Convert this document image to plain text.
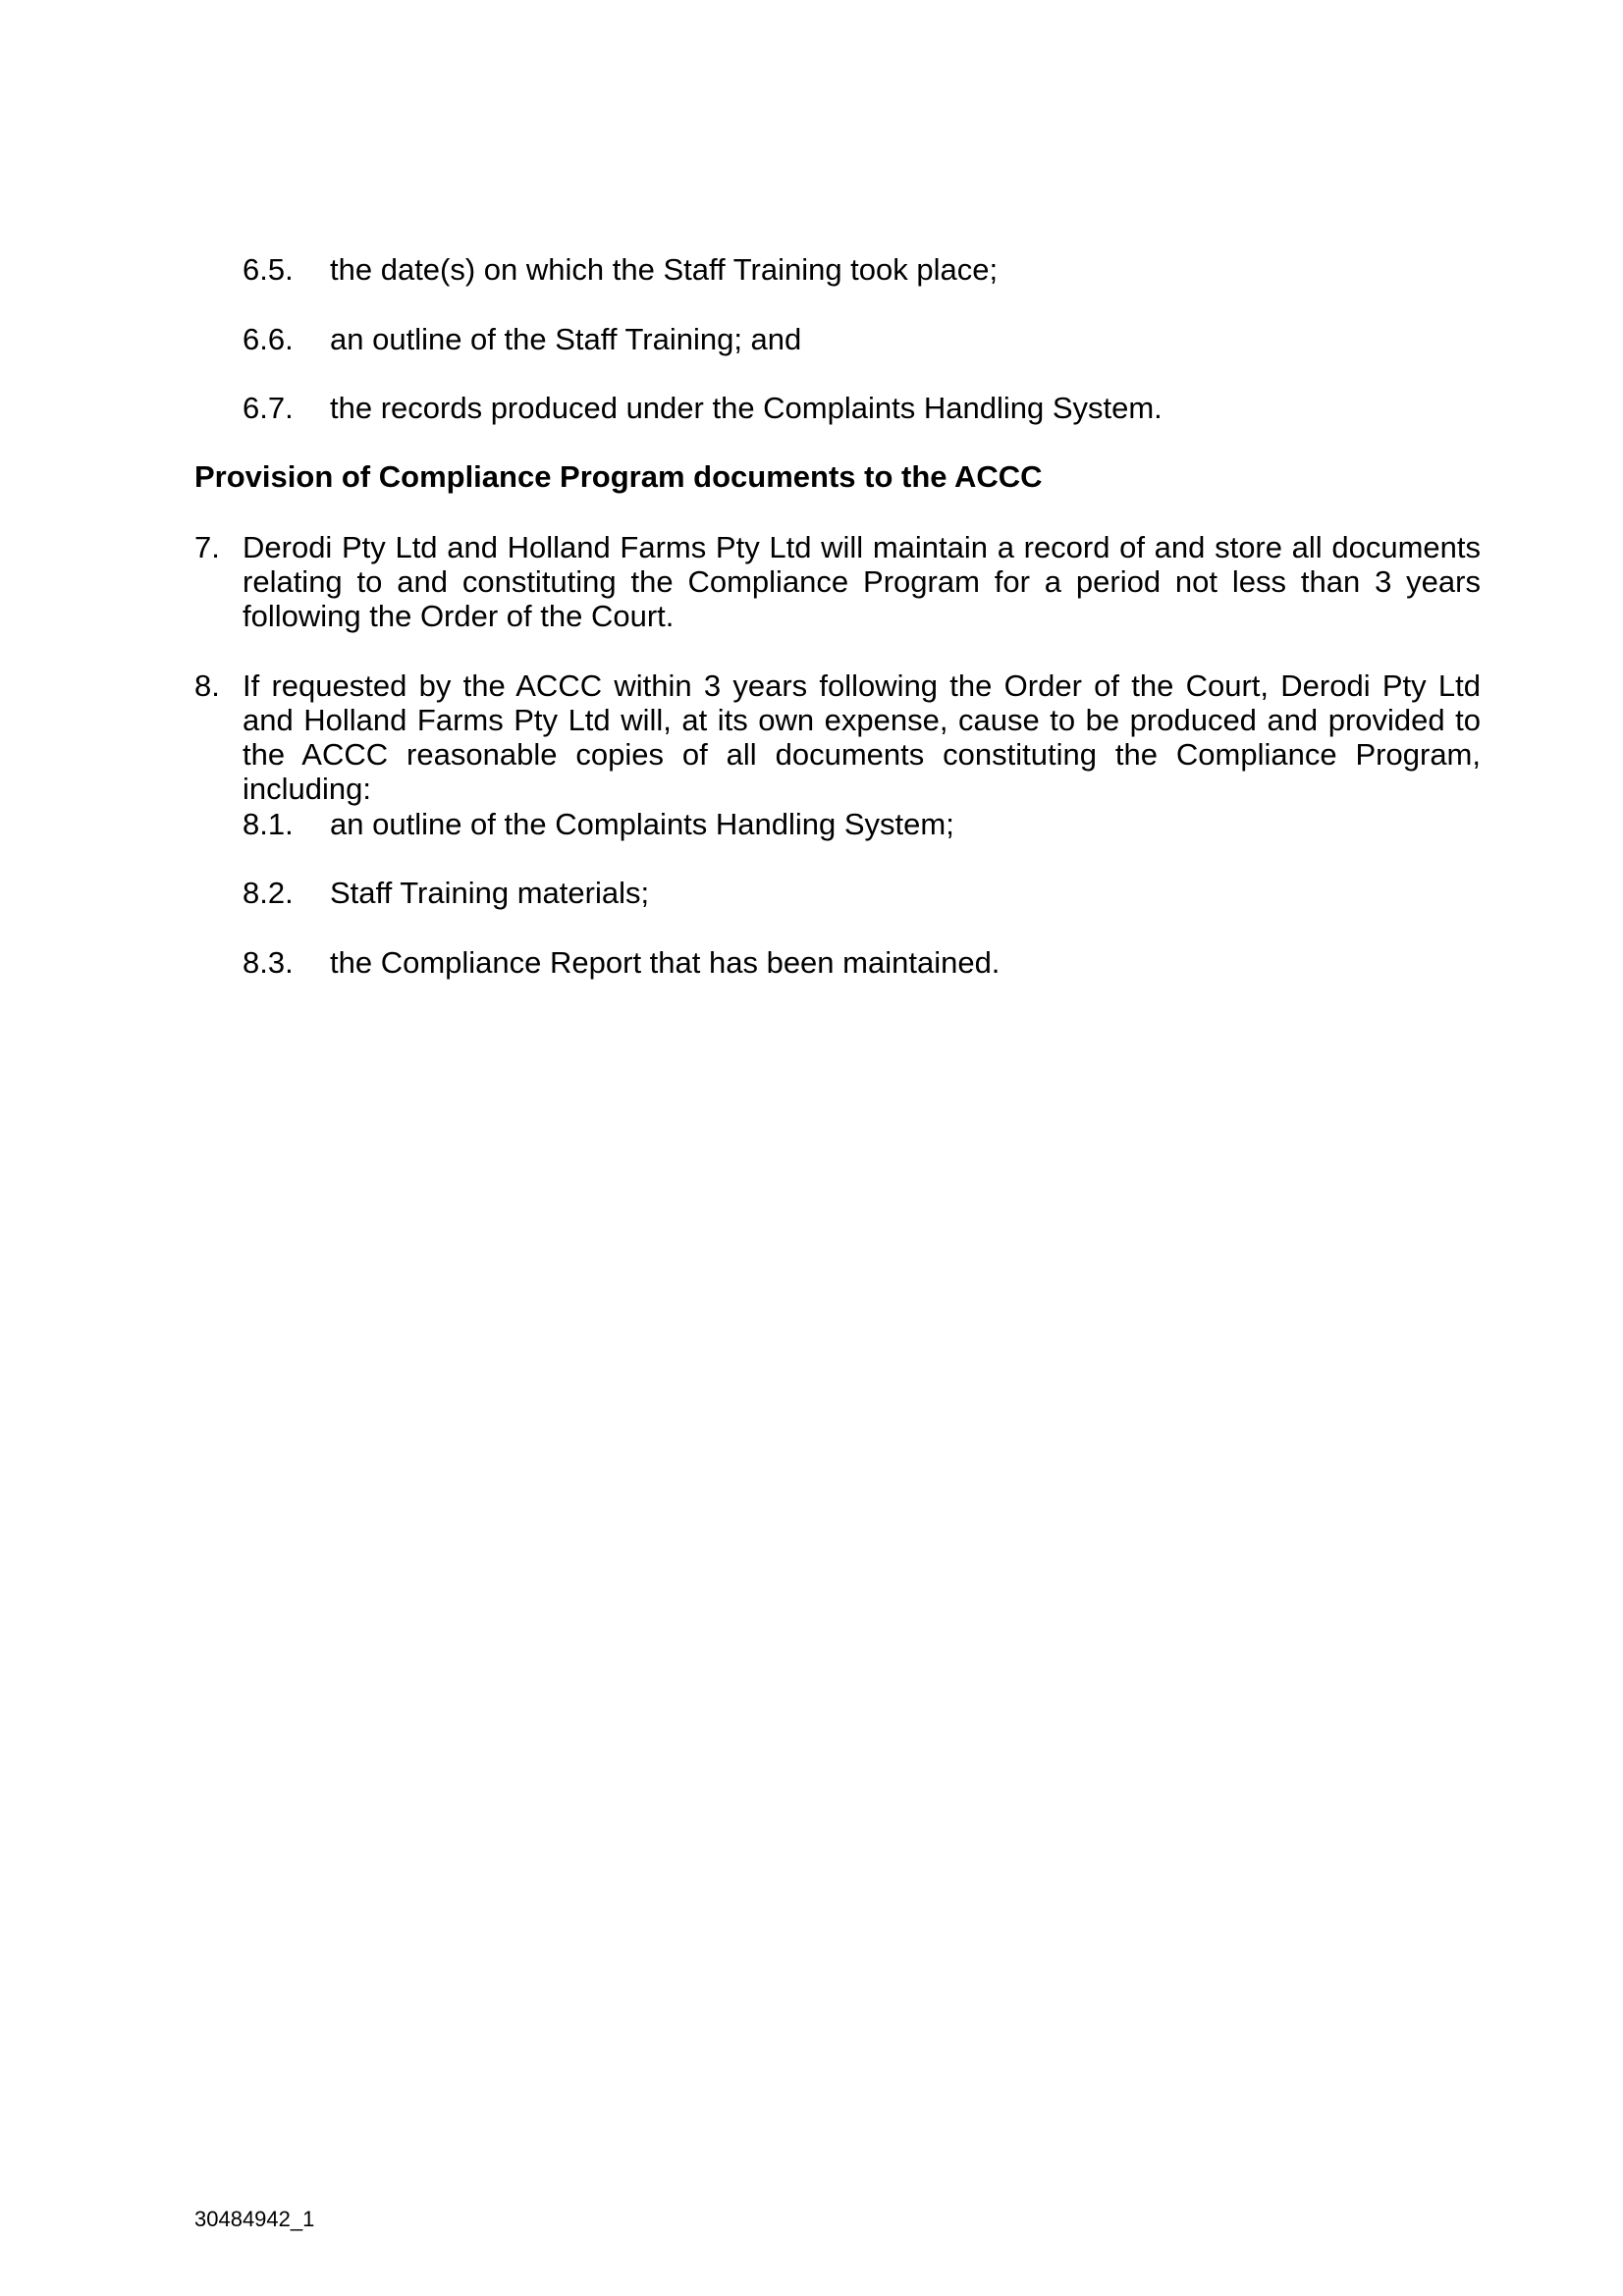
6.5. the date(s) on which the Staff Training took place;
6.6. an outline of the Staff Training; and
6.7. the records produced under the Complaints Handling System.
Provision of Compliance Program documents to the ACCC
7. Derodi Pty Ltd and Holland Farms Pty Ltd will maintain a record of and store all documents relating to and constituting the Compliance Program for a period not less than 3 years following the Order of the Court.
8. If requested by the ACCC within 3 years following the Order of the Court, Derodi Pty Ltd and Holland Farms Pty Ltd will, at its own expense, cause to be produced and provided to the ACCC reasonable copies of all documents constituting the Compliance Program, including:
8.1. an outline of the Complaints Handling System;
8.2. Staff Training materials;
8.3. the Compliance Report that has been maintained.
30484942_1
